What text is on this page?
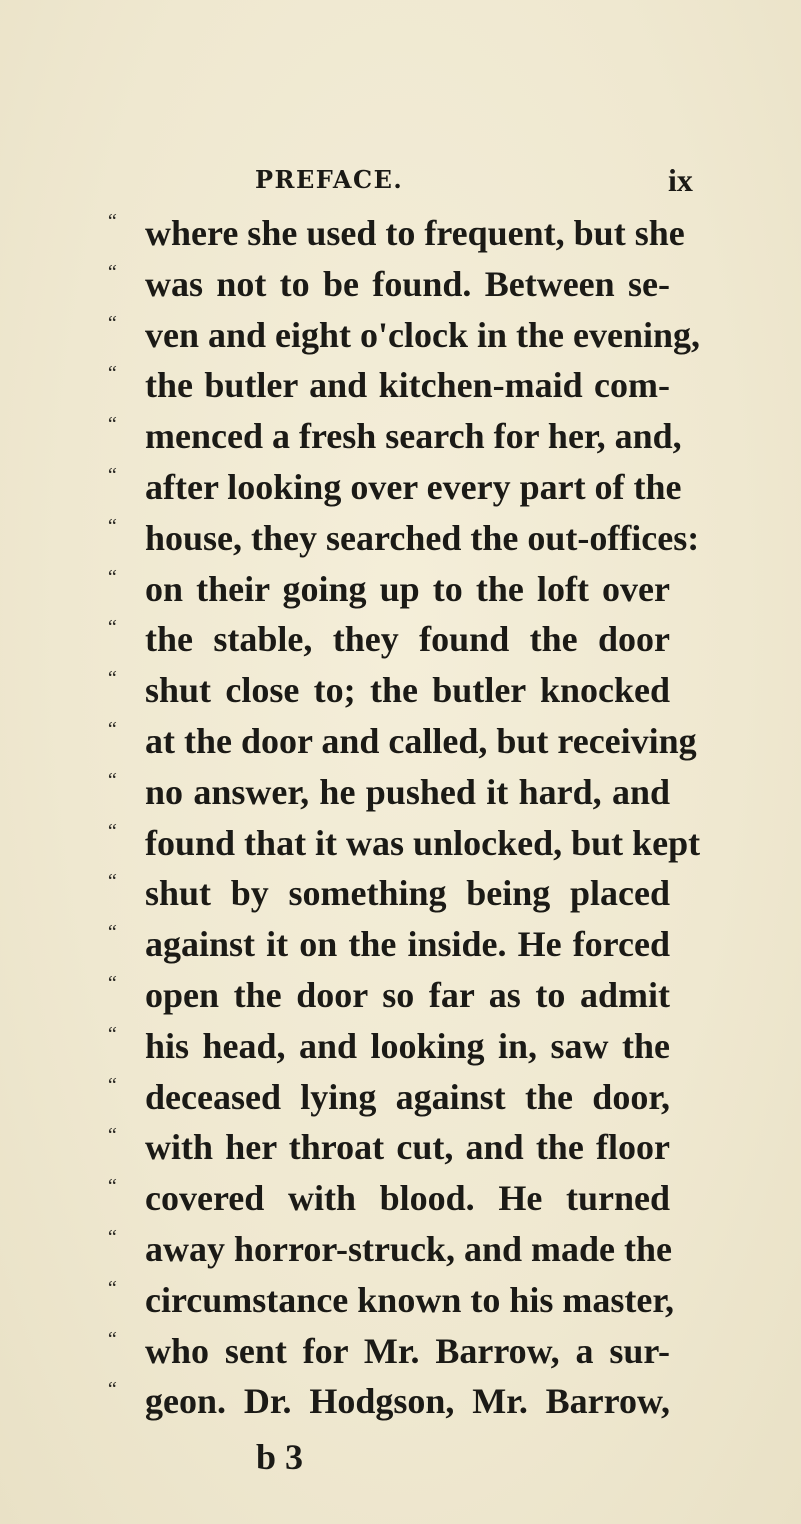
PREFACE.	ix
“ where she used to frequent, but she
“ was not to be found. Between se-
“ ven and eight o'clock in the evening,
“ the butler and kitchen-maid com-
“ menced a fresh search for her, and,
“ after looking over every part of the
“ house, they searched the out-offices:
“ on their going up to the loft over
“ the stable, they found the door
“ shut close to; the butler knocked
“ at the door and called, but receiving
“ no answer, he pushed it hard, and
“ found that it was unlocked, but kept
“ shut by something being placed
“ against it on the inside. He forced
“ open the door so far as to admit
“ his head, and looking in, saw the
“ deceased lying against the door,
“ with her throat cut, and the floor
“ covered with blood. He turned
“ away horror-struck, and made the
“ circumstance known to his master,
“ who sent for Mr. Barrow, a sur-
“ geon. Dr. Hodgson, Mr. Barrow,
b 3
